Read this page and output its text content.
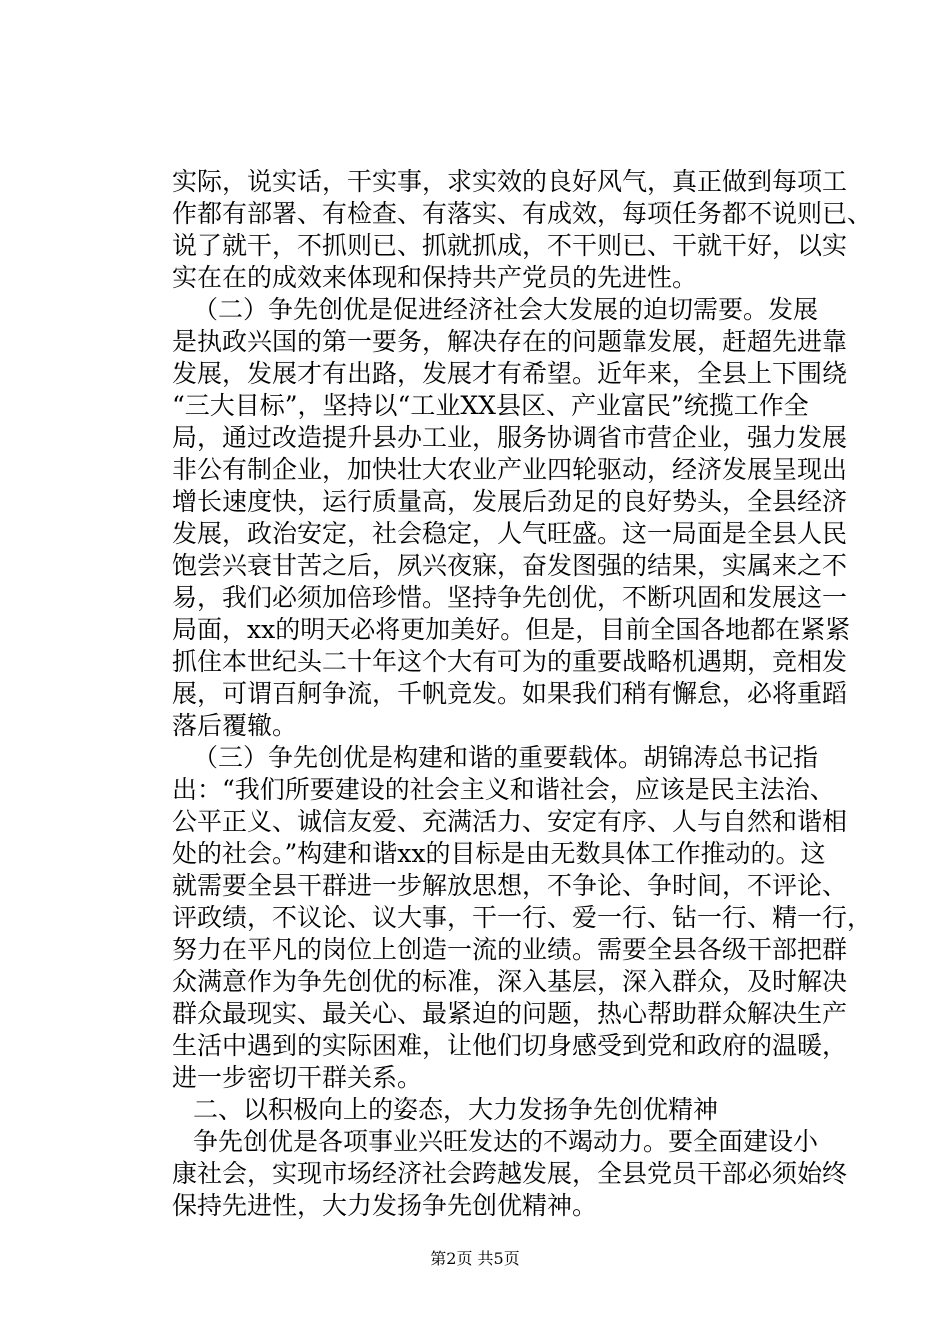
实际，说实话，干实事，求实效的良好风气，真正做到每项工
作都有部署、有检查、有落实、有成效，每项任务都不说则已、
说了就干，不抓则已、抓就抓成，不干则已、干就干好，以实
实在在的成效来体现和保持共产党员的先进性。
（二）争先创优是促进经济社会大发展的迫切需要。发展
是执政兴国的第一要务，解决存在的问题靠发展，赶超先进靠
发展，发展才有出路，发展才有希望。近年来，全县上下围绕
“三大目标”，坚持以“工业XX县区、产业富民”统揽工作全
局，通过改造提升县办工业，服务协调省市营企业，强力发展
非公有制企业，加快壮大农业产业四轮驱动，经济发展呈现出
增长速度快，运行质量高，发展后劲足的良好势头，全县经济
发展，政治安定，社会稳定，人气旺盛。这一局面是全县人民
饱尝兴衰甘苦之后，夙兴夜寐，奋发图强的结果，实属来之不
易，我们必须加倍珍惜。坚持争先创优，不断巩固和发展这一
局面，xx的明天必将更加美好。但是，目前全国各地都在紧紧
抓住本世纪头二十年这个大有可为的重要战略机遇期，竞相发
展，可谓百舸争流，千帆竞发。如果我们稍有懈怠，必将重蹈
落后覆辙。
（三）争先创优是构建和谐的重要载体。胡锦涛总书记指
出：“我们所要建设的社会主义和谐社会，应该是民主法治、
公平正义、诚信友爱、充满活力、安定有序、人与自然和谐相
处的社会。”构建和谐xx的目标是由无数具体工作推动的。这
就需要全县干群进一步解放思想，不争论、争时间，不评论、
评政绩，不议论、议大事，干一行、爱一行、钻一行、精一行，
努力在平凡的岗位上创造一流的业绩。需要全县各级干部把群
众满意作为争先创优的标准，深入基层，深入群众，及时解决
群众最现实、最关心、最紧迫的问题，热心帮助群众解决生产
生活中遇到的实际困难，让他们切身感受到党和政府的温暖，
进一步密切干群关系。
二、以积极向上的姿态，大力发扬争先创优精神
争先创优是各项事业兴旺发达的不竭动力。要全面建设小
康社会，实现市场经济社会跨越发展，全县党员干部必须始终
保持先进性，大力发扬争先创优精神。
第2页 共5页
